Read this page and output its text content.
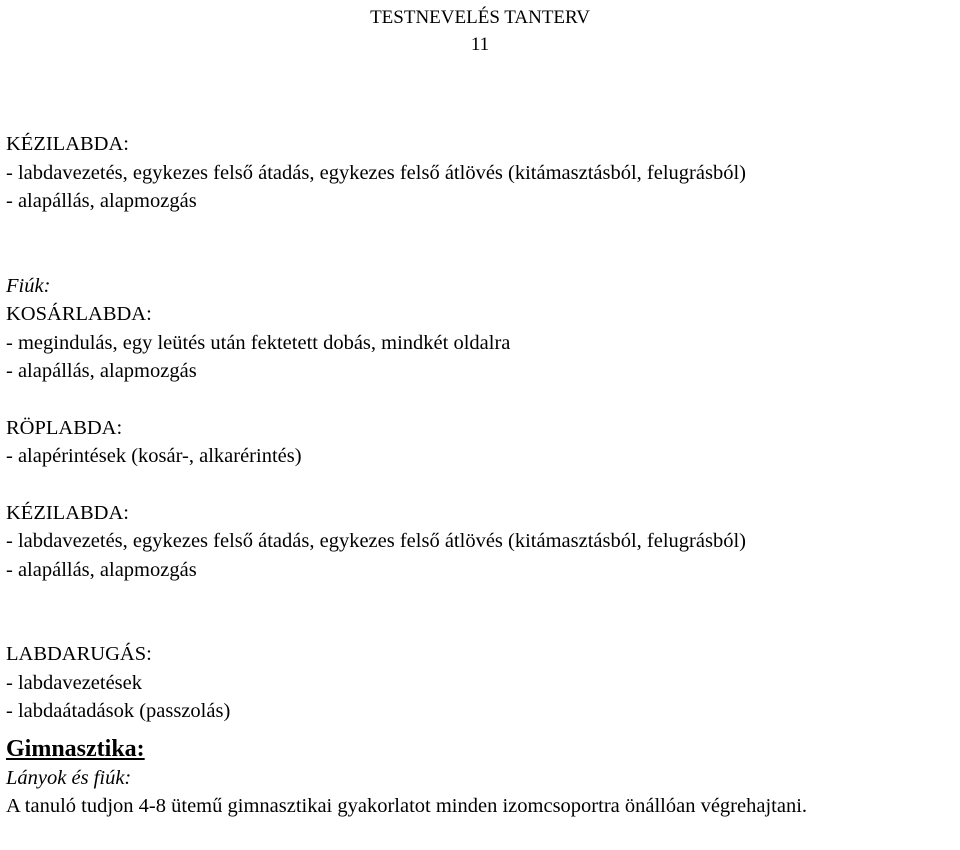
TESTNEVELÉS TANTERV
11

KÉZILABDA:

- labdavezetés, egykezes felső átadás, egykezes felső átlövés (kitámasztásból, felugrásból)

- alapállás, alapmozgás

Fiúk:

KOSÁRLABDA:

- megindulás, egy leütés után fektetett dobás, mindkét oldalra

- alapállás, alapmozgás

RÖPLABDA:

- alapérintések (kosár-, alkarérintés)

KÉZILABDA:

- labdavezetés, egykezes felső átadás, egykezes felső átlövés (kitámasztásból, felugrásból)

- alapállás, alapmozgás

LABDARUGÁS:

- labdavezetések

- labdaátadások (passzolás)

Gimnasztika:

Lányok és fiúk:

A tanuló tudjon 4-8 ütemű gimnasztikai gyakorlatot minden izomcsoportra önállóan végrehajtani.
